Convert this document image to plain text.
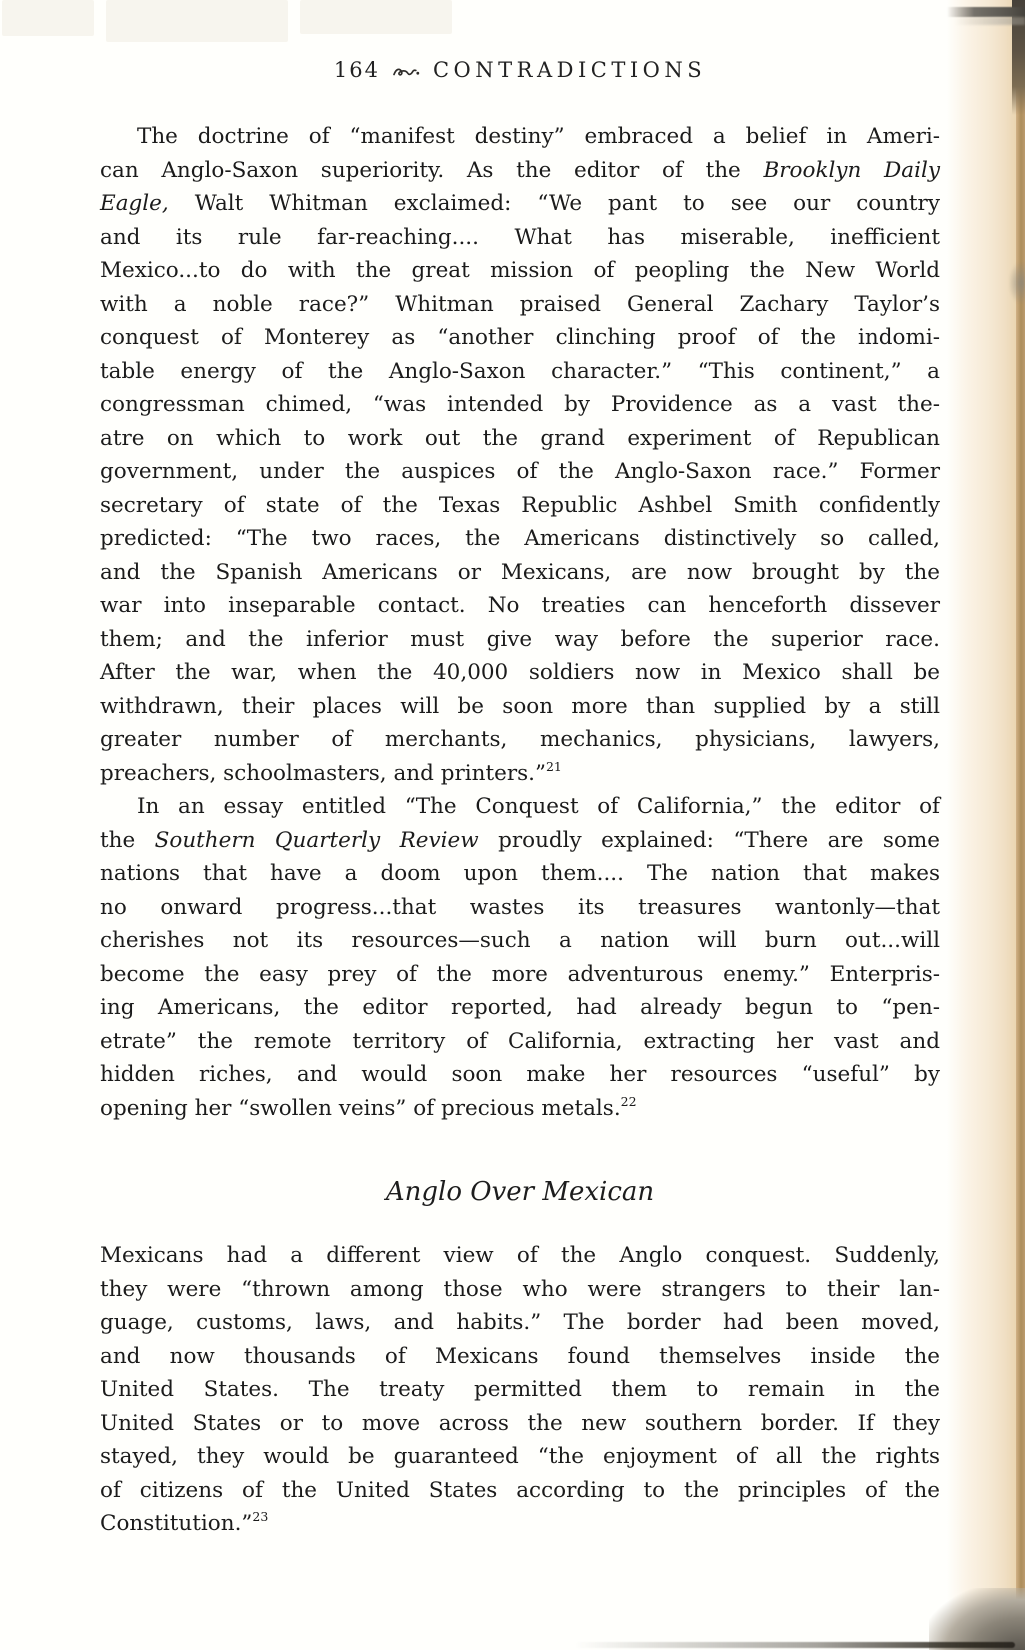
164	CONTRADICTIONS
The doctrine of “manifest destiny” embraced a belief in Ameri-
can Anglo-Saxon superiority. As the editor of the Brooklyn Daily
Eagle, Walt Whitman exclaimed: “We pant to see our country
and its rule far-reaching.... What has miserable, inefficient
Mexico...to do with the great mission of peopling the New World
with a noble race?” Whitman praised General Zachary Taylor’s
conquest of Monterey as “another clinching proof of the indomi-
table energy of the Anglo-Saxon character.” “This continent,” a
congressman chimed, “was intended by Providence as a vast the-
atre on which to work out the grand experiment of Republican
government, under the auspices of the Anglo-Saxon race.” Former
secretary of state of the Texas Republic Ashbel Smith confidently
predicted: “The two races, the Americans distinctively so called,
and the Spanish Americans or Mexicans, are now brought by the
war into inseparable contact. No treaties can henceforth dissever
them; and the inferior must give way before the superior race.
After the war, when the 40,000 soldiers now in Mexico shall be
withdrawn, their places will be soon more than supplied by a still
greater number of merchants, mechanics, physicians, lawyers,
preachers, schoolmasters, and printers.”$^{21}$
In an essay entitled “The Conquest of California,” the editor of
the Southern Quarterly Review proudly explained: “There are some
nations that have a doom upon them.... The nation that makes
no onward progress...that wastes its treasures wantonly—that
cherishes not its resources—such a nation will burn out...will
become the easy prey of the more adventurous enemy.” Enterpris-
ing Americans, the editor reported, had already begun to “pen-
etrate” the remote territory of California, extracting her vast and
hidden riches, and would soon make her resources “useful” by
opening her “swollen veins” of precious metals.$^{22}$
Anglo Over Mexican
Mexicans had a different view of the Anglo conquest. Suddenly,
they were “thrown among those who were strangers to their lan-
guage, customs, laws, and habits.” The border had been moved,
and now thousands of Mexicans found themselves inside the
United States. The treaty permitted them to remain in the
United States or to move across the new southern border. If they
stayed, they would be guaranteed “the enjoyment of all the rights
of citizens of the United States according to the principles of the
Constitution.”$^{23}$
